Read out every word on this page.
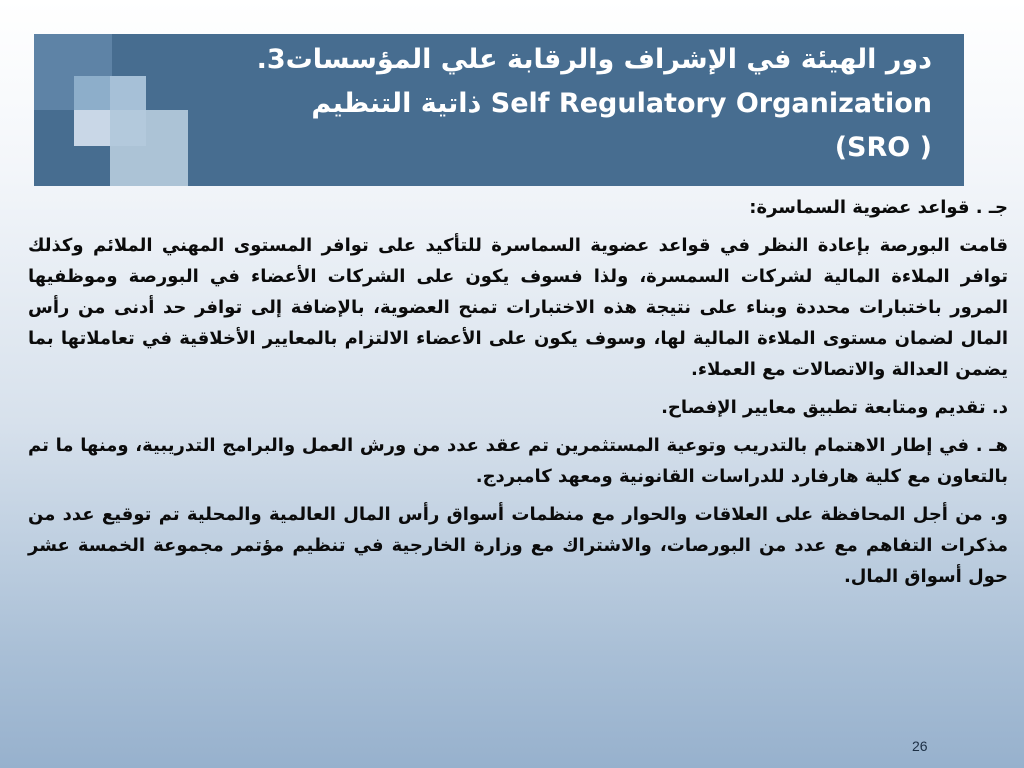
.3دور الهيئة في الإشراف والرقابة علي المؤسسات
ذاتية التنظيم Self Regulatory Organization
(SRO )

جـ . قواعد عضوية السماسرة:

قامت البورصة بإعادة النظر في قواعد عضوية السماسرة للتأكيد على توافر المستوى المهني الملائم وكذلك توافر الملاءة المالية لشركات السمسرة، ولذا فسوف يكون على الشركات الأعضاء في البورصة وموظفيها المرور باختبارات محددة وبناء على نتيجة هذه الاختبارات تمنح العضوية، بالإضافة إلى توافر حد أدنى من رأس المال لضمان مستوى الملاءة المالية لها، وسوف يكون على الأعضاء الالتزام بالمعايير الأخلاقية في تعاملاتها بما يضمن العدالة والاتصالات مع العملاء.

د. تقديم ومتابعة تطبيق معايير الإفصاح.

هـ . في إطار الاهتمام بالتدريب وتوعية المستثمرين تم عقد عدد من ورش العمل والبرامج التدريبية، ومنها ما تم بالتعاون مع كلية هارفارد للدراسات القانونية ومعهد كامبردج.

و. من أجل المحافظة على العلاقات والحوار مع منظمات أسواق رأس المال العالمية والمحلية تم توقيع عدد من مذكرات التفاهم مع عدد من البورصات، والاشتراك مع وزارة الخارجية في تنظيم مؤتمر مجموعة الخمسة عشر حول أسواق المال.

26
